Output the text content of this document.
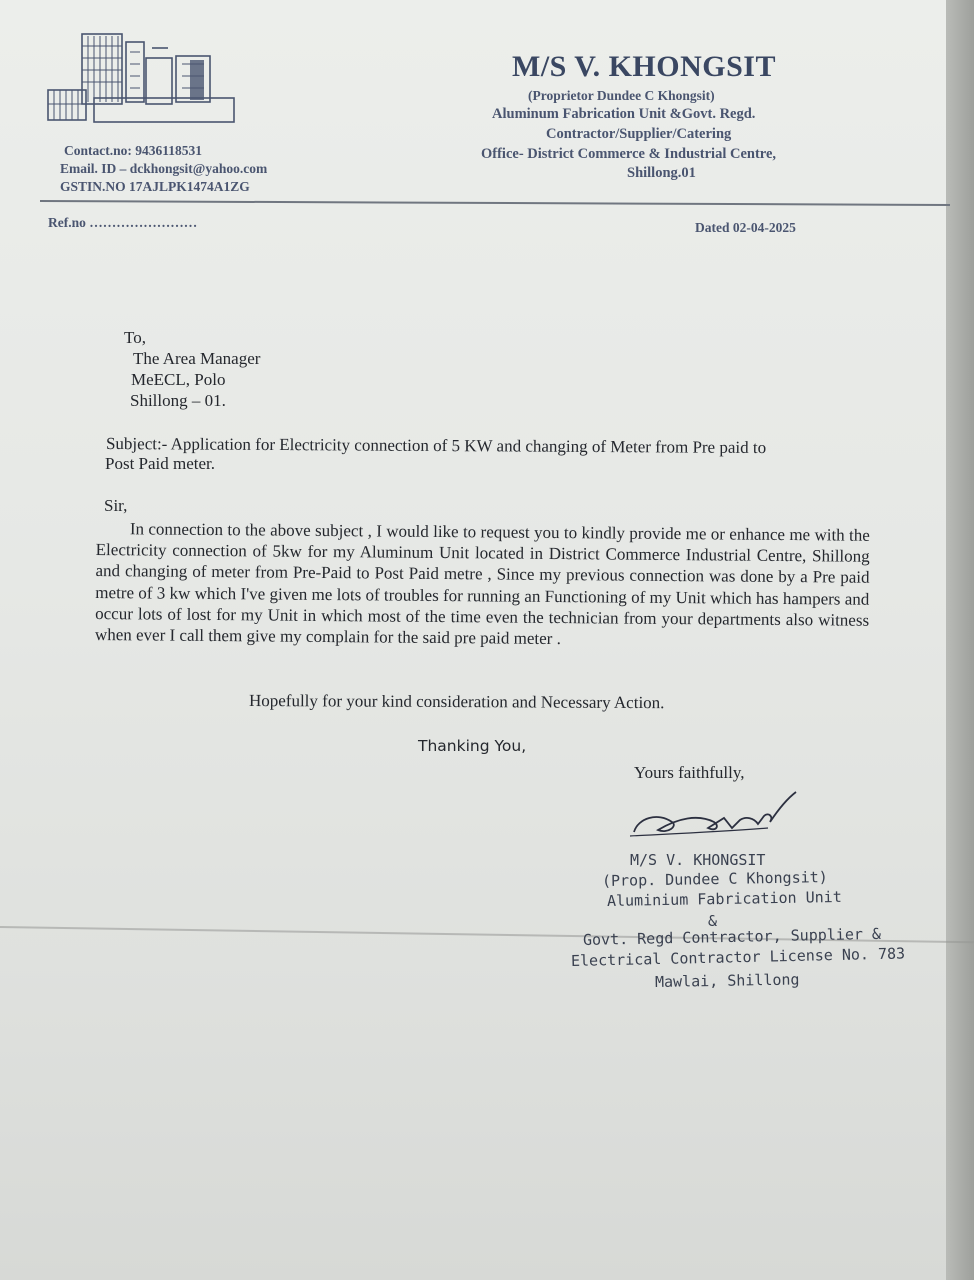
M/S V. KHONGSIT
(Proprietor Dundee C Khongsit)
Aluminum Fabrication Unit &Govt. Regd.
Contractor/Supplier/Catering
Office- District Commerce & Industrial Centre,
Shillong.01
Contact.no: 9436118531
Email. ID – dckhongsit@yahoo.com
GSTIN.NO 17AJLPK1474A1ZG
Ref.no ……………………	Dated 02-04-2025
To,
The Area Manager
MeECL, Polo
Shillong – 01.
Subject:- Application for Electricity connection of 5 KW and changing of Meter from Pre paid to
Post Paid meter.
Sir,
In connection to the above subject , I would like to request you to kindly provide me or enhance me with the Electricity connection of 5kw for my Aluminum Unit located in District Commerce Industrial Centre, Shillong and changing of meter from Pre-Paid to Post Paid metre , Since my previous connection was done by a Pre paid metre of 3 kw which I've given me lots of troubles for running an Functioning of my Unit which has hampers and occur lots of lost for my Unit in which most of the time even the technician from your departments also witness when ever I call them give my complain for the said pre paid meter .
Hopefully for your kind consideration and Necessary Action.
Thanking You,
Yours faithfully,
M/S V. KHONGSIT
(Prop. Dundee C Khongsit)
Aluminium Fabrication Unit
&
Govt. Regd Contractor, Supplier &
Electrical Contractor License No. 783
Mawlai, Shillong
